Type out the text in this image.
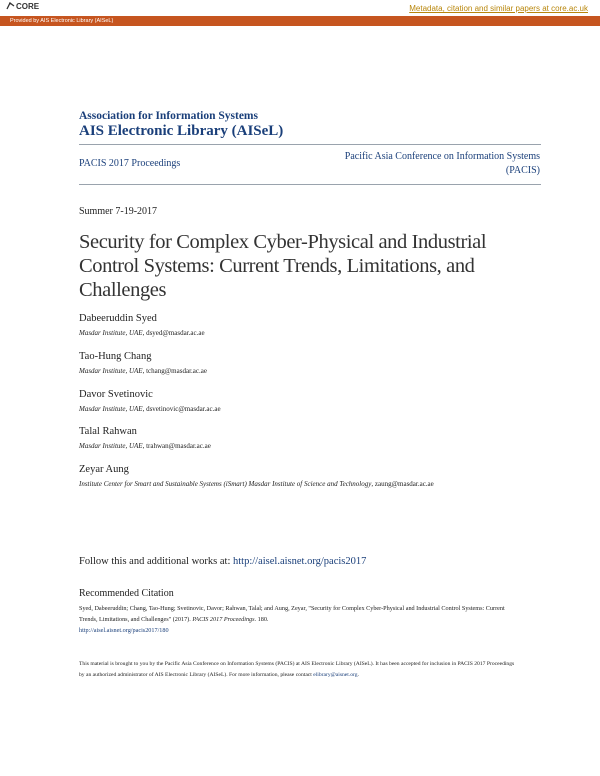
CORE	Metadata, citation and similar papers at core.ac.uk
Provided by AIS Electronic Library (AISeL)
Association for Information Systems
AIS Electronic Library (AISeL)
PACIS 2017 Proceedings
Pacific Asia Conference on Information Systems
(PACIS)
Summer 7-19-2017
Security for Complex Cyber-Physical and Industrial Control Systems: Current Trends, Limitations, and Challenges
Dabeeruddin Syed
Masdar Institute, UAE, dsyed@masdar.ac.ae
Tao-Hung Chang
Masdar Institute, UAE, tchang@masdar.ac.ae
Davor Svetinovic
Masdar Institute, UAE, dsvetinovic@masdar.ac.ae
Talal Rahwan
Masdar Institute, UAE, trahwan@masdar.ac.ae
Zeyar Aung
Institute Center for Smart and Sustainable Systems (iSmart) Masdar Institute of Science and Technology, zaung@masdar.ac.ae
Follow this and additional works at: http://aisel.aisnet.org/pacis2017
Recommended Citation
Syed, Dabeeruddin; Chang, Tao-Hung; Svetinovic, Davor; Rahwan, Talal; and Aung, Zeyar, "Security for Complex Cyber-Physical and Industrial Control Systems: Current Trends, Limitations, and Challenges" (2017). PACIS 2017 Proceedings. 180.
http://aisel.aisnet.org/pacis2017/180
This material is brought to you by the Pacific Asia Conference on Information Systems (PACIS) at AIS Electronic Library (AISeL). It has been accepted for inclusion in PACIS 2017 Proceedings by an authorized administrator of AIS Electronic Library (AISeL). For more information, please contact elibrary@aisnet.org.
